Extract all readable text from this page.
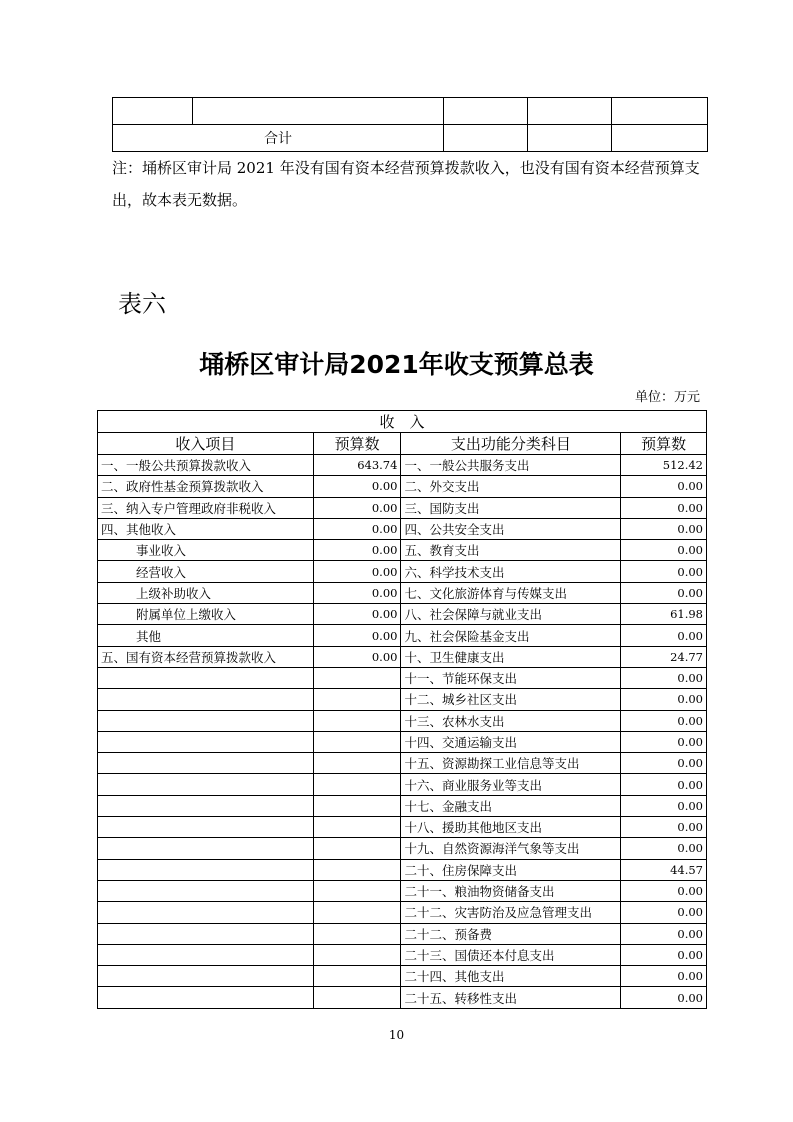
合计				
注：埇桥区审计局 2021 年没有国有资本经营预算拨款收入，也没有国有资本经营预算支出，故本表无数据。
表六
埇桥区审计局2021年收支预算总表
单位：万元
收　入			
收入项目	预算数	支出功能分类科目	预算数
一、一般公共预算拨款收入	643.74	一、一般公共服务支出	512.42
二、政府性基金预算拨款收入	0.00	二、外交支出	0.00
三、纳入专户管理政府非税收入	0.00	三、国防支出	0.00
四、其他收入	0.00	四、公共安全支出	0.00
事业收入	0.00	五、教育支出	0.00
经营收入	0.00	六、科学技术支出	0.00
上级补助收入	0.00	七、文化旅游体育与传媒支出	0.00
附属单位上缴收入	0.00	八、社会保障与就业支出	61.98
其他	0.00	九、社会保险基金支出	0.00
五、国有资本经营预算拨款收入	0.00	十、卫生健康支出	24.77
		十一、节能环保支出	0.00
		十二、城乡社区支出	0.00
		十三、农林水支出	0.00
		十四、交通运输支出	0.00
		十五、资源勘探工业信息等支出	0.00
		十六、商业服务业等支出	0.00
		十七、金融支出	0.00
		十八、援助其他地区支出	0.00
		十九、自然资源海洋气象等支出	0.00
		二十、住房保障支出	44.57
		二十一、粮油物资储备支出	0.00
		二十二、灾害防治及应急管理支出	0.00
		二十二、预备费	0.00
		二十三、国债还本付息支出	0.00
		二十四、其他支出	0.00
		二十五、转移性支出	0.00
10
